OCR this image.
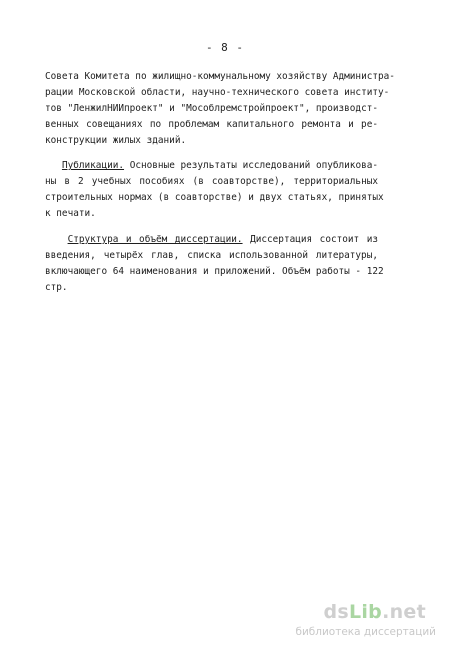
- 8 -
Совета Комитета по жилищно-коммунальному хозяйству Администра-
рации Московской области, научно-технического совета институ-
тов "ЛенжилНИИпроект" и "Мособлремстройпроект", производст-
венных совещаниях по проблемам капитального ремонта и ре-
конструкции жилых зданий.
Публикации. Основные результаты исследований опубликова-
ны в 2 учебных пособиях (в соавторстве), территориальных
строительных нормах (в соавторстве) и двух статьях, принятых
к печати.
Структура и объём диссертации. Диссертация состоит из
введения, четырёх глав, списка использованной литературы,
включающего 64 наименования и приложений. Объём работы - 122
стр.
dsLib.net
библиотека диссертаций
